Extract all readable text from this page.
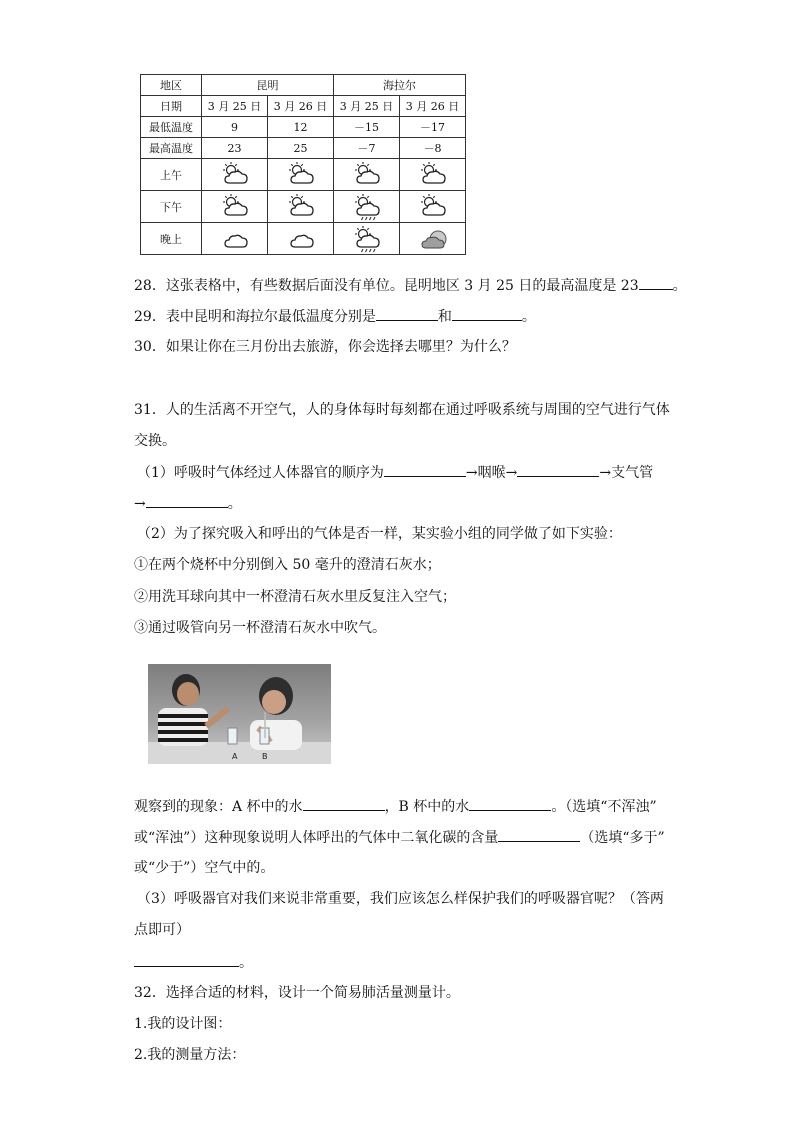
地区	昆明		海拉尔	
日期	3 月 25 日	3 月 26 日	3 月 25 日	3 月 26 日
最低温度	9	12	－15	－17
最高温度	23	25	－7	－8
上午	

下午	

晚上	

28．这张表格中，有些数据后面没有单位。昆明地区 3 月 25 日的最高温度是 23 。
29．表中昆明和海拉尔最低温度分别是	和	。
30．如果让你在三月份出去旅游，你会选择去哪里？为什么？
31．人的生活离不开空气，人的身体每时每刻都在通过呼吸系统与周围的空气进行气体
交换。
（1）呼吸时气体经过人体器官的顺序为	→咽喉→	→支气管
→	。
（2）为了探究吸入和呼出的气体是否一样，某实验小组的同学做了如下实验：
①在两个烧杯中分别倒入 50 毫升的澄清石灰水；
②用洗耳球向其中一杯澄清石灰水里反复注入空气；
③通过吸管向另一杯澄清石灰水中吹气。
A	B
观察到的现象：A 杯中的水	，B 杯中的水	。（选填“不浑浊”
或“浑浊”）这种现象说明人体呼出的气体中二氧化碳的含量	（选填“多于”
或“少于”）空气中的。
（3）呼吸器官对我们来说非常重要，我们应该怎么样保护我们的呼吸器官呢？（答两
点即可）
。
32．选择合适的材料，设计一个简易肺活量测量计。
1.我的设计图：
2.我的测量方法：
